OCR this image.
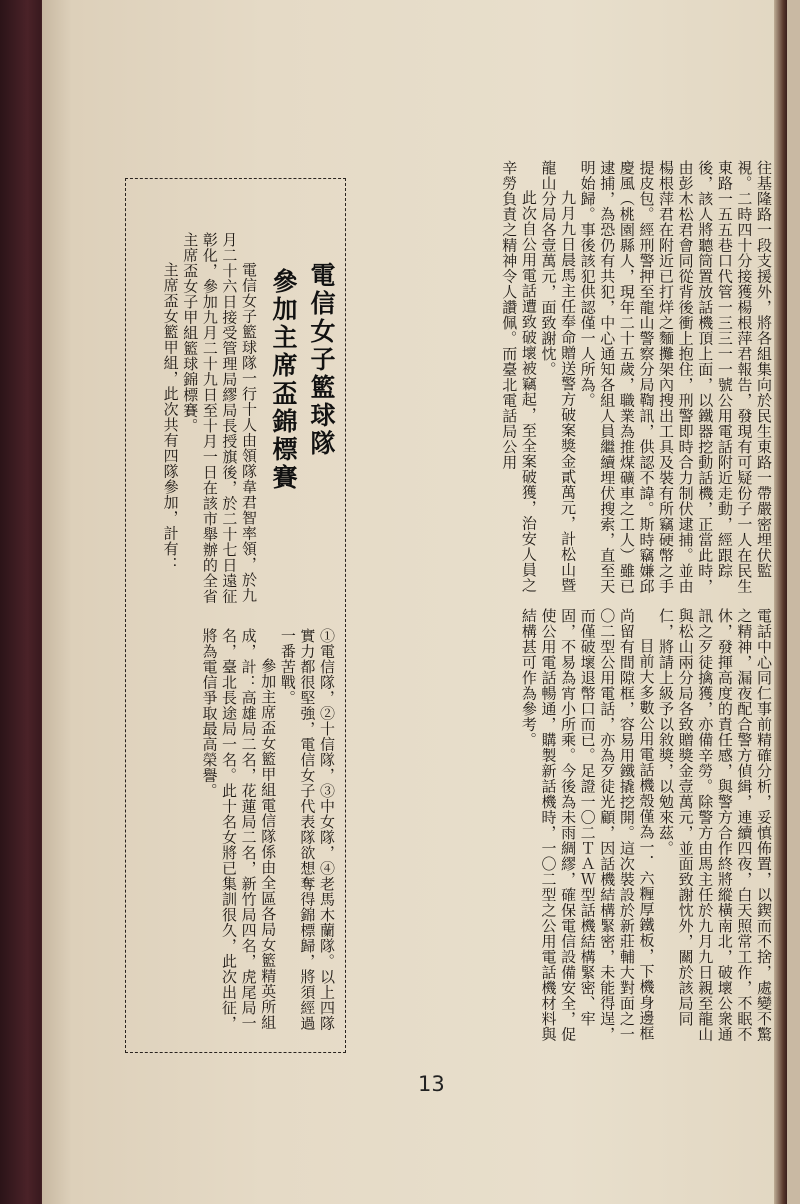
往基隆路一段支援外，將各組集向於民生東路一帶嚴密埋伏監視。二時四十分接獲楊根萍君報告，發現有可疑份子一人在民生東路一五五巷口代管一三三一一號公用電話附近走動，經跟踪後，該人將聽筒置放話機頂上面，以鐵器挖動話機，正當此時，由彭木松君會同從背後衝上抱住，刑警即時合力制伏逮捕。並由楊根萍君在附近已打烊之麵攤架內搜出工具及裝有所竊硬幣之手提皮包。經刑警押至龍山警察分局鞫訊，供認不諱。斯時竊嫌邱慶風（桃園縣人，現年二十五歲，職業為推煤礦車之工人）雖已逮捕，為恐仍有共犯，中心通知各組人員繼續埋伏搜索，直至天明始歸。事後該犯供認僅一人所為。

九月九日晨馬主任奉命贈送警方破案獎金貳萬元，計松山暨龍山分局各壹萬元，面致謝忱。

此次自公用電話遭致破壞被竊起，至全案破獲，治安人員之辛勞負責之精神令人讚佩。而臺北電話局公用

電話中心同仁事前精確分析，妥慎佈置，以鍥而不捨，處變不驚之精神，漏夜配合警方偵緝，連續四夜，白天照常工作，不眠不休，發揮高度的責任感，與警方合作終將縱橫南北，破壞公衆通訊之歹徒擒獲，亦備辛勞。除警方由馬主任於九月九日親至龍山與松山兩分局各致贈獎金壹萬元，並面致謝忱外，關於該局同仁，將請上級予以敘獎，以勉來茲。

目前大多數公用電話機殼僅為一．六糎厚鐵板，下機身邊框尚留有間隙框，容易用鐵撬挖開。這次裝設於新莊輔大對面之一〇二型公用電話，亦為歹徒光顧，因話機結構緊密，未能得逞，而僅破壞退幣口而已。足證一〇二ＴＡＷ型話機結構緊密、牢固，不易為宵小所乘。今後為未雨綢繆，確保電信設備安全，促使公用電話暢通，購製新話機時，一〇二型之公用電話機材料與結構甚可作為參考。

電信女子籃球隊
參加主席盃錦標賽

電信女子籃球隊一行十人由領隊韋君智率領，於九月二十六日接受管理局繆局長授旗後，於二十七日遠征彰化，參加九月二十九日至十月一日在該市舉辦的全省主席盃女子甲組籃球錦標賽。

主席盃女籃甲組，此次共有四隊參加，計有：

①電信隊，②十信隊，③中女隊，④老馬木蘭隊。以上四隊實力都很堅強，電信女子代表隊欲想奪得錦標歸，將須經過一番苦戰。

參加主席盃女籃甲組電信隊係由全區各局女籃精英所組成，計：高雄局二名，花蓮局二名，新竹局四名，虎尾局一名，臺北長途局一名。此十名女將已集訓很久，此次出征，將為電信爭取最高榮譽。

13
